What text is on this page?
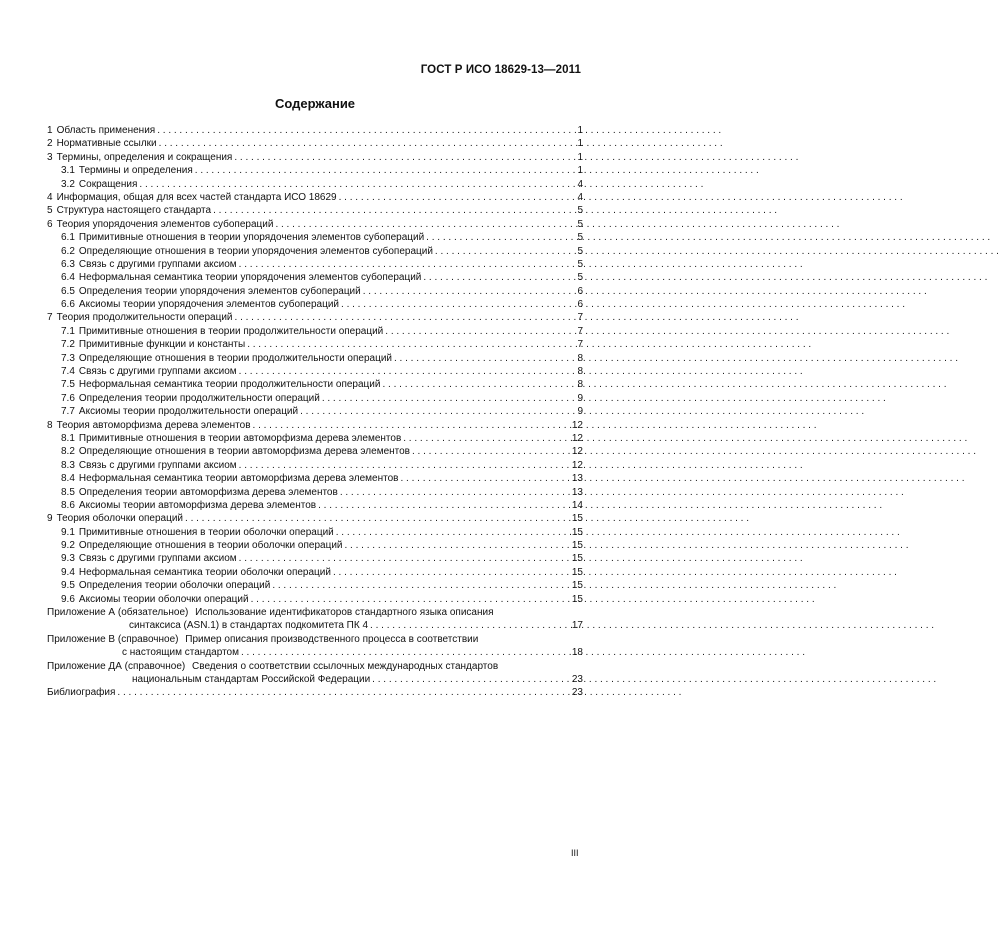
ГОСТ Р ИСО 18629-13—2011
Содержание
1 Область применения . . .	1
2 Нормативные ссылки . . .	1
3 Термины, определения и сокращения . . .	1
3.1 Термины и определения . . .	1
3.2 Сокращения . . .	4
4 Информация, общая для всех частей стандарта ИСО 18629 . . .	4
5 Структура настоящего стандарта . . .	5
6 Теория упорядочения элементов субопераций . . .	5
6.1 Примитивные отношения в теории упорядочения элементов субопераций . . .	5
6.2 Определяющие отношения в теории упорядочения элементов субопераций . . .	5
6.3 Связь с другими группами аксиом . . .	5
6.4 Неформальная семантика теории упорядочения элементов субопераций . . .	5
6.5 Определения теории упорядочения элементов субопераций . . .	6
6.6 Аксиомы теории упорядочения элементов субопераций . . .	6
7 Теория продолжительности операций . . .	7
7.1 Примитивные отношения в теории продолжительности операций . . .	7
7.2 Примитивные функции и константы . . .	7
7.3 Определяющие отношения в теории продолжительности операций . . .	8
7.4 Связь с другими группами аксиом . . .	8
7.5 Неформальная семантика теории продолжительности операций . . .	8
7.6 Определения теории продолжительности операций . . .	9
7.7 Аксиомы теории продолжительности операций . . .	9
8 Теория автоморфизма дерева элементов . . .	12
8.1 Примитивные отношения в теории автоморфизма дерева элементов . . .	12
8.2 Определяющие отношения в теории автоморфизма дерева элементов . . .	12
8.3 Связь с другими группами аксиом . . .	12
8.4 Неформальная семантика теории автоморфизма дерева элементов . . .	13
8.5 Определения теории автоморфизма дерева элементов . . .	13
8.6 Аксиомы теории автоморфизма дерева элементов . . .	14
9 Теория оболочки операций . . .	15
9.1 Примитивные отношения в теории оболочки операций . . .	15
9.2 Определяющие отношения в теории оболочки операций . . .	15
9.3 Связь с другими группами аксиом . . .	15
9.4 Неформальная семантика теории оболочки операций . . .	15
9.5 Определения теории оболочки операций . . .	15
9.6 Аксиомы теории оболочки операций . . .	15
Приложение А (обязательное) Использование идентификаторов стандартного языка описания
синтаксиса (ASN.1) в стандартах подкомитета ПК 4 . . .	17
Приложение В (справочное) Пример описания производственного процесса в соответствии
с настоящим стандартом . . .	18
Приложение ДА (справочное) Сведения о соответствии ссылочных международных стандартов
национальным стандартам Российской Федерации . . .	23
Библиография . . .	23
III
